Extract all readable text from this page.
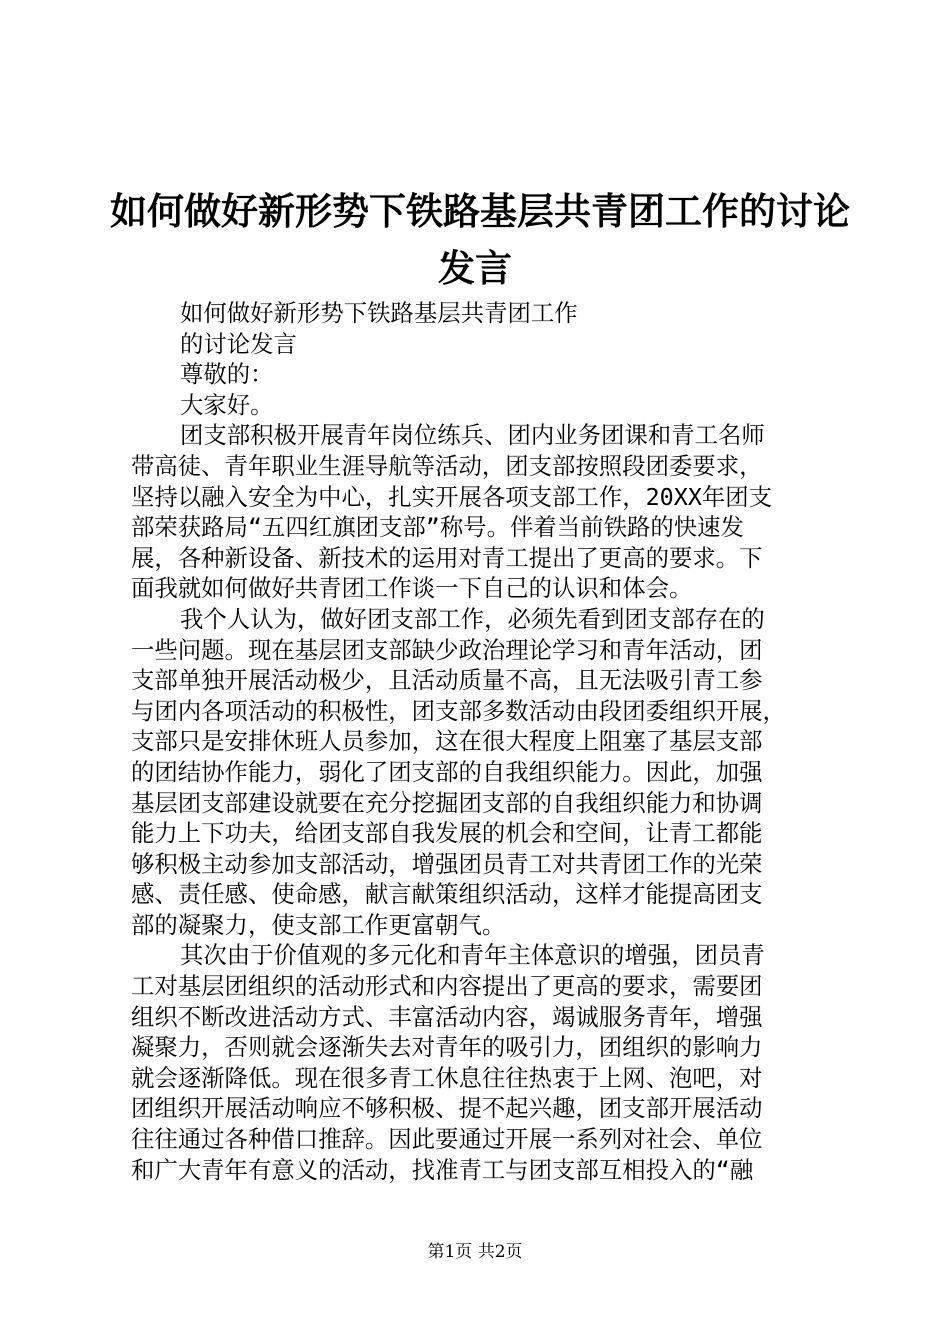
如何做好新形势下铁路基层共青团工作的讨论
发言
如何做好新形势下铁路基层共青团工作
的讨论发言
尊敬的：
大家好。
团支部积极开展青年岗位练兵、团内业务团课和青工名师
带高徒、青年职业生涯导航等活动，团支部按照段团委要求，
坚持以融入安全为中心，扎实开展各项支部工作，20XX年团支
部荣获路局“五四红旗团支部”称号。伴着当前铁路的快速发
展，各种新设备、新技术的运用对青工提出了更高的要求。下
面我就如何做好共青团工作谈一下自己的认识和体会。
我个人认为，做好团支部工作，必须先看到团支部存在的
一些问题。现在基层团支部缺少政治理论学习和青年活动，团
支部单独开展活动极少，且活动质量不高，且无法吸引青工参
与团内各项活动的积极性，团支部多数活动由段团委组织开展，
支部只是安排休班人员参加，这在很大程度上阻塞了基层支部
的团结协作能力，弱化了团支部的自我组织能力。因此，加强
基层团支部建设就要在充分挖掘团支部的自我组织能力和协调
能力上下功夫，给团支部自我发展的机会和空间，让青工都能
够积极主动参加支部活动，增强团员青工对共青团工作的光荣
感、责任感、使命感，献言献策组织活动，这样才能提高团支
部的凝聚力，使支部工作更富朝气。
其次由于价值观的多元化和青年主体意识的增强，团员青
工对基层团组织的活动形式和内容提出了更高的要求，需要团
组织不断改进活动方式、丰富活动内容，竭诚服务青年，增强
凝聚力，否则就会逐渐失去对青年的吸引力，团组织的影响力
就会逐渐降低。现在很多青工休息往往热衷于上网、泡吧，对
团组织开展活动响应不够积极、提不起兴趣，团支部开展活动
往往通过各种借口推辞。因此要通过开展一系列对社会、单位
和广大青年有意义的活动，找准青工与团支部互相投入的“融
第1页 共2页
